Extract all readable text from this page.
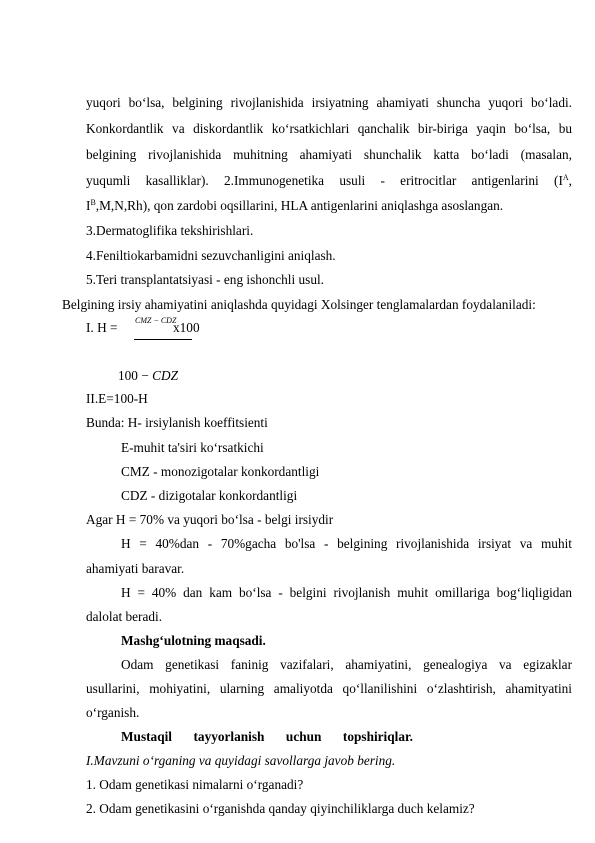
yuqori bo‘lsa, belgining rivojlanishida irsiyatning ahamiyati shuncha yuqori bo‘ladi.
Konkordantlik va diskordantlik ko‘rsatkichlari qanchalik bir-biriga yaqin bo‘lsa, bu
belgining rivojlanishida muhitning ahamiyati shunchalik katta bo‘ladi (masalan,
yuqumli kasalliklar). 2.Immunogenetika usuli - eritrocitlar antigenlarini ($I^A$,
$I^B,M,N,Rh$), qon zardobi oqsillarini, HLA antigenlarini aniqlashga asoslangan.
3.Dermatoglifika tekshirishlari.
4.Feniltiokarbamidni sezuvchanligini aniqlash.
5.Teri transplantatsiyasi - eng ishonchli usul.
Belgining irsiy ahamiyatini aniqlashda quyidagi Xolsinger tenglamalardan foydalaniladi:
I. H = CMZ − CDZ
x100
100 − CDZ
II.E=100-H
Bunda: H- irsiylanish koeffitsienti
E-muhit ta'siri ko‘rsatkichi
CMZ - monozigotalar konkordantligi
CDZ - dizigotalar konkordantligi
Agar H = 70% va yuqori bo‘lsa - belgi irsiydir
H = 40%dan - 70%gacha bo'lsa - belgining rivojlanishida irsiyat va muhit
ahamiyati baravar.
H = 40% dan kam bo‘lsa - belgini rivojlanish muhit omillariga bog‘liqligidan
dalolat beradi.
Mashg‘ulotning maqsadi.
Odam genetikasi faninig vazifalari, ahamiyatini, genealogiya va egizaklar
usullarini, mohiyatini, ularning amaliyotda qo‘llanilishini o‘zlashtirish, ahamityatini
o‘rganish.
Mustaqil tayyorlanish uchun topshiriqlar.
I.Mavzuni o‘rganing va quyidagi savollarga javob bering.
1. Odam genetikasi nimalarni o‘rganadi?
2. Odam genetikasini o‘rganishda qanday qiyinchiliklarga duch kelamiz?
